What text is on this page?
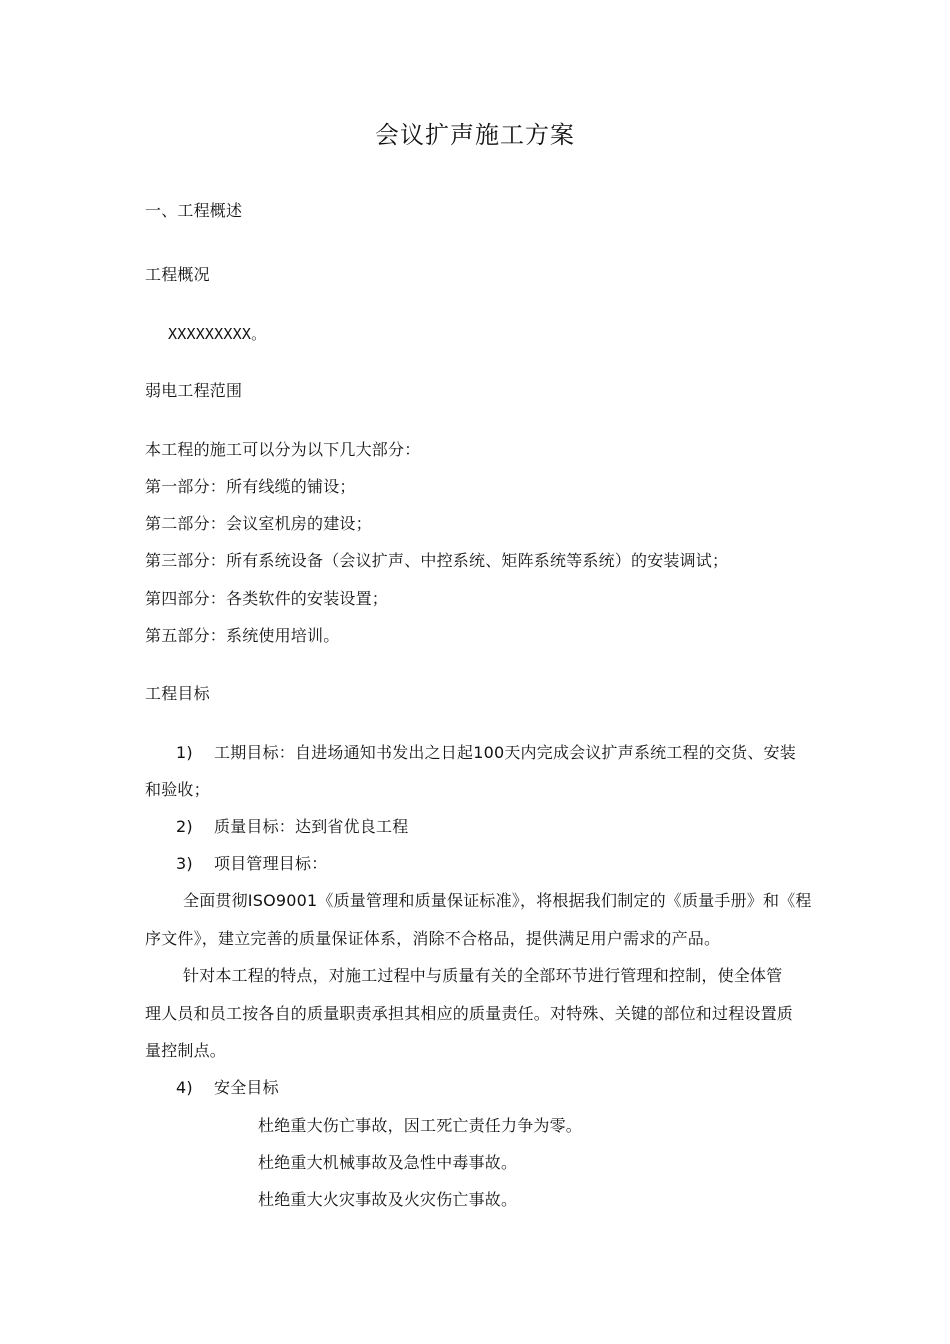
会议扩声施工方案
一、工程概述
工程概况
XXXXXXXXX。
弱电工程范围
本工程的施工可以分为以下几大部分：
第一部分：所有线缆的铺设；
第二部分：会议室机房的建设；
第三部分：所有系统设备（会议扩声、中控系统、矩阵系统等系统）的安装调试；
第四部分：各类软件的安装设置；
第五部分：系统使用培训。
工程目标
1) 工期目标：自进场通知书发出之日起100天内完成会议扩声系统工程的交货、安装
和验收；
2) 质量目标：达到省优良工程
3) 项目管理目标：
全面贯彻ISO9001《质量管理和质量保证标准》，将根据我们制定的《质量手册》和《程
序文件》，建立完善的质量保证体系，消除不合格品，提供满足用户需求的产品。
针对本工程的特点，对施工过程中与质量有关的全部环节进行管理和控制，使全体管
理人员和员工按各自的质量职责承担其相应的质量责任。对特殊、关键的部位和过程设置质
量控制点。
4) 安全目标
杜绝重大伤亡事故，因工死亡责任力争为零。
杜绝重大机械事故及急性中毒事故。
杜绝重大火灾事故及火灾伤亡事故。
